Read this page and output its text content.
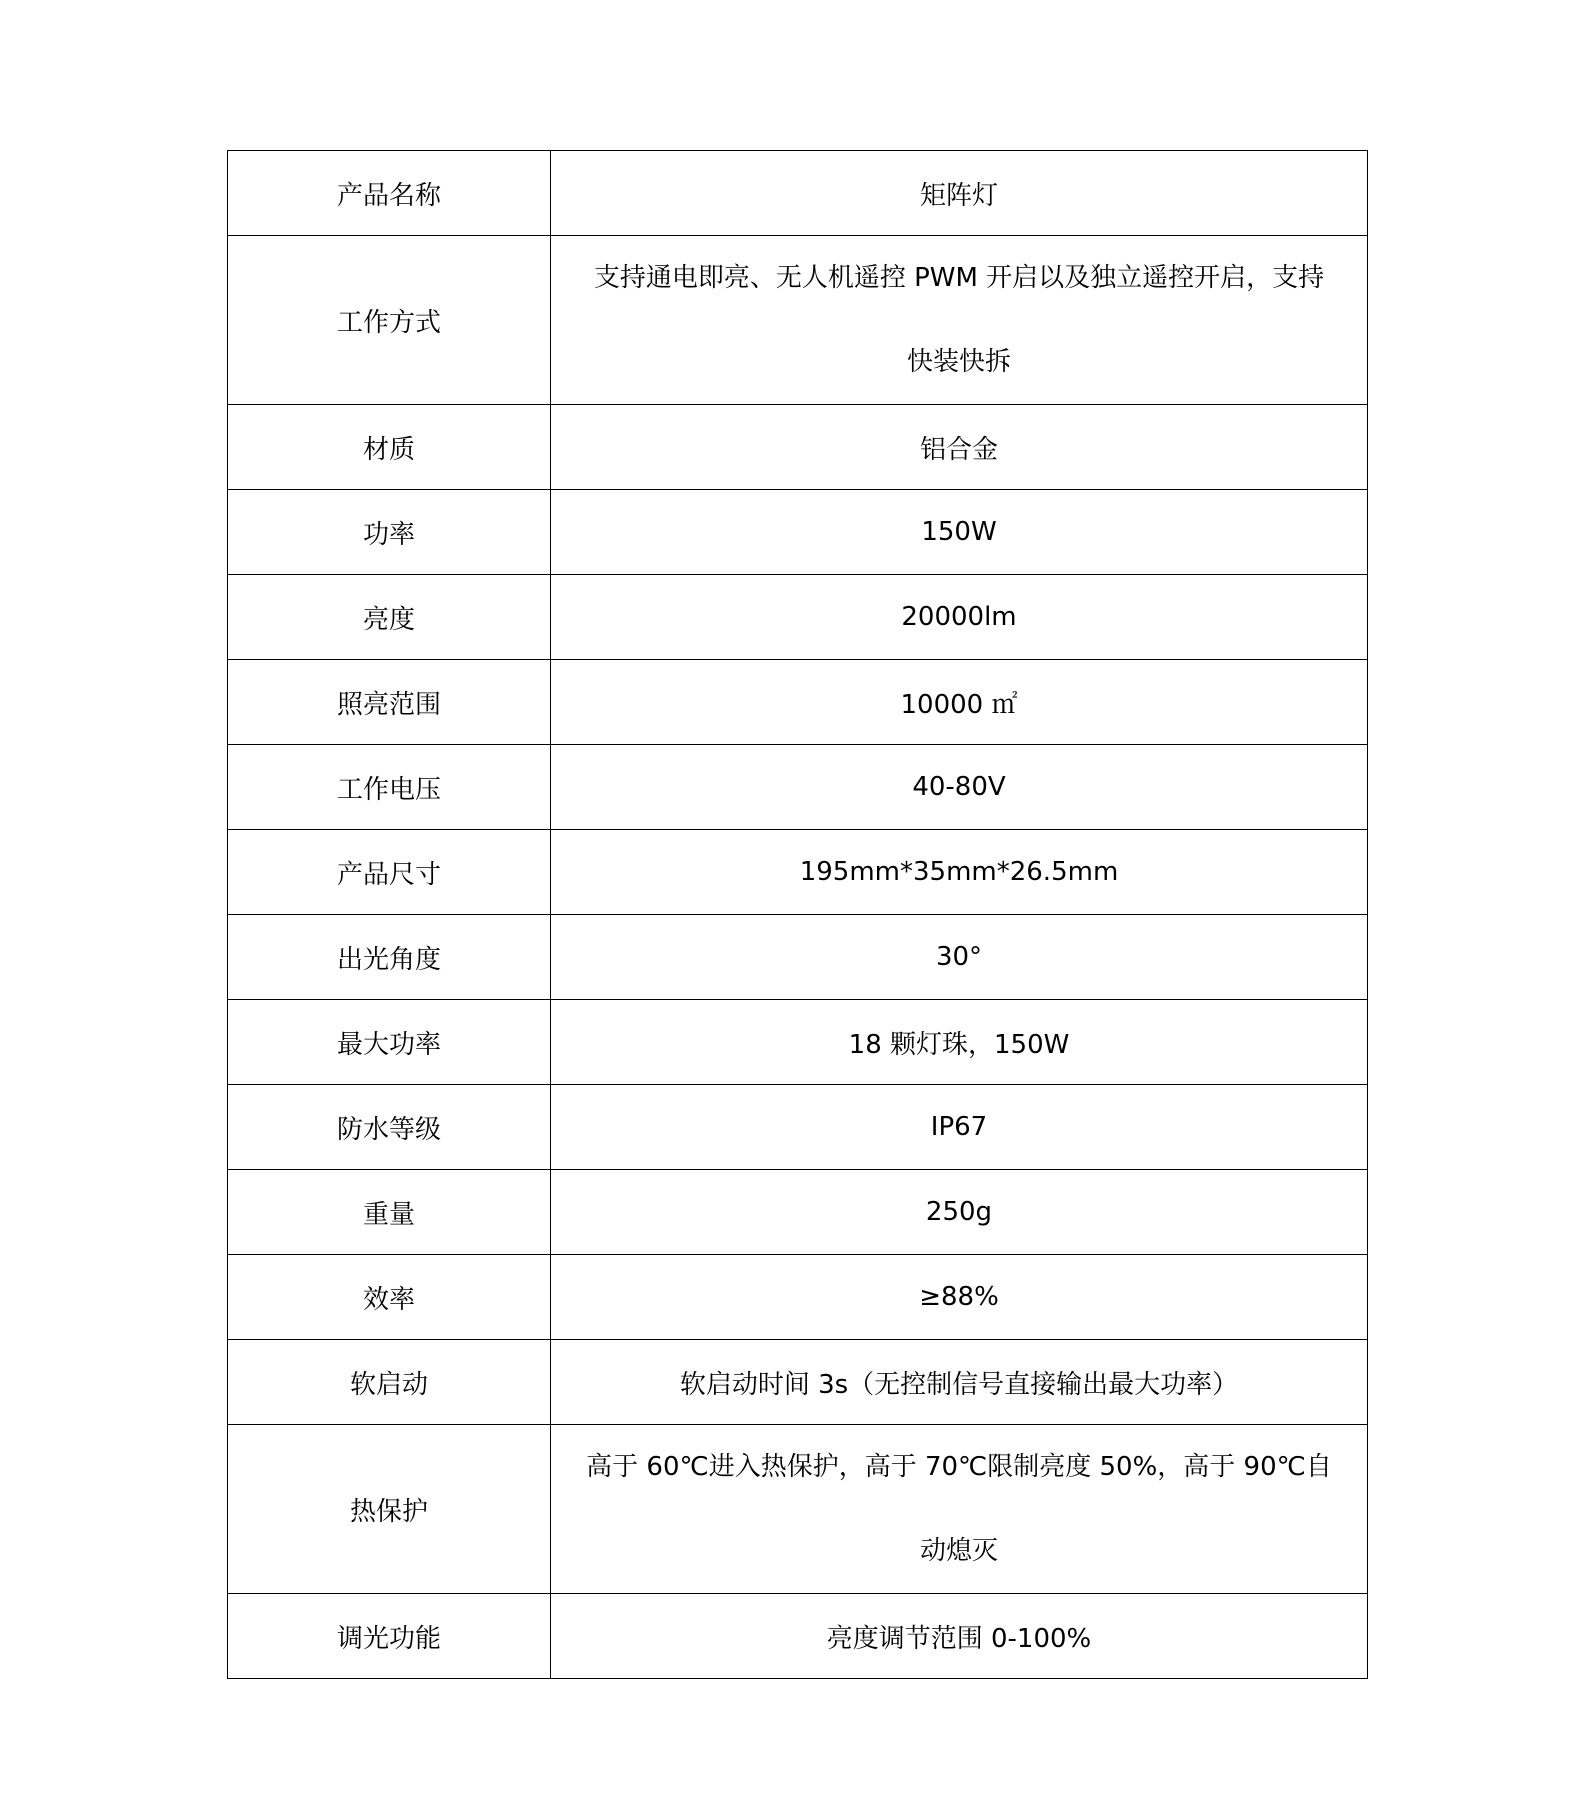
产品名称	矩阵灯

工作方式	支持通电即亮、无人机遥控 PWM 开启以及独立遥控开启，支持
快装快拆

材质	铝合金

功率	150W

亮度	20000lm

照亮范围	10000 ㎡

工作电压	40-80V

产品尺寸	195mm*35mm*26.5mm

出光角度	30°

最大功率	18 颗灯珠，150W

防水等级	IP67

重量	250g

效率	≥88%

软启动	软启动时间 3s（无控制信号直接输出最大功率）

热保护	高于 60℃进入热保护，高于 70℃限制亮度 50%，高于 90℃自
动熄灭

调光功能	亮度调节范围 0-100%
